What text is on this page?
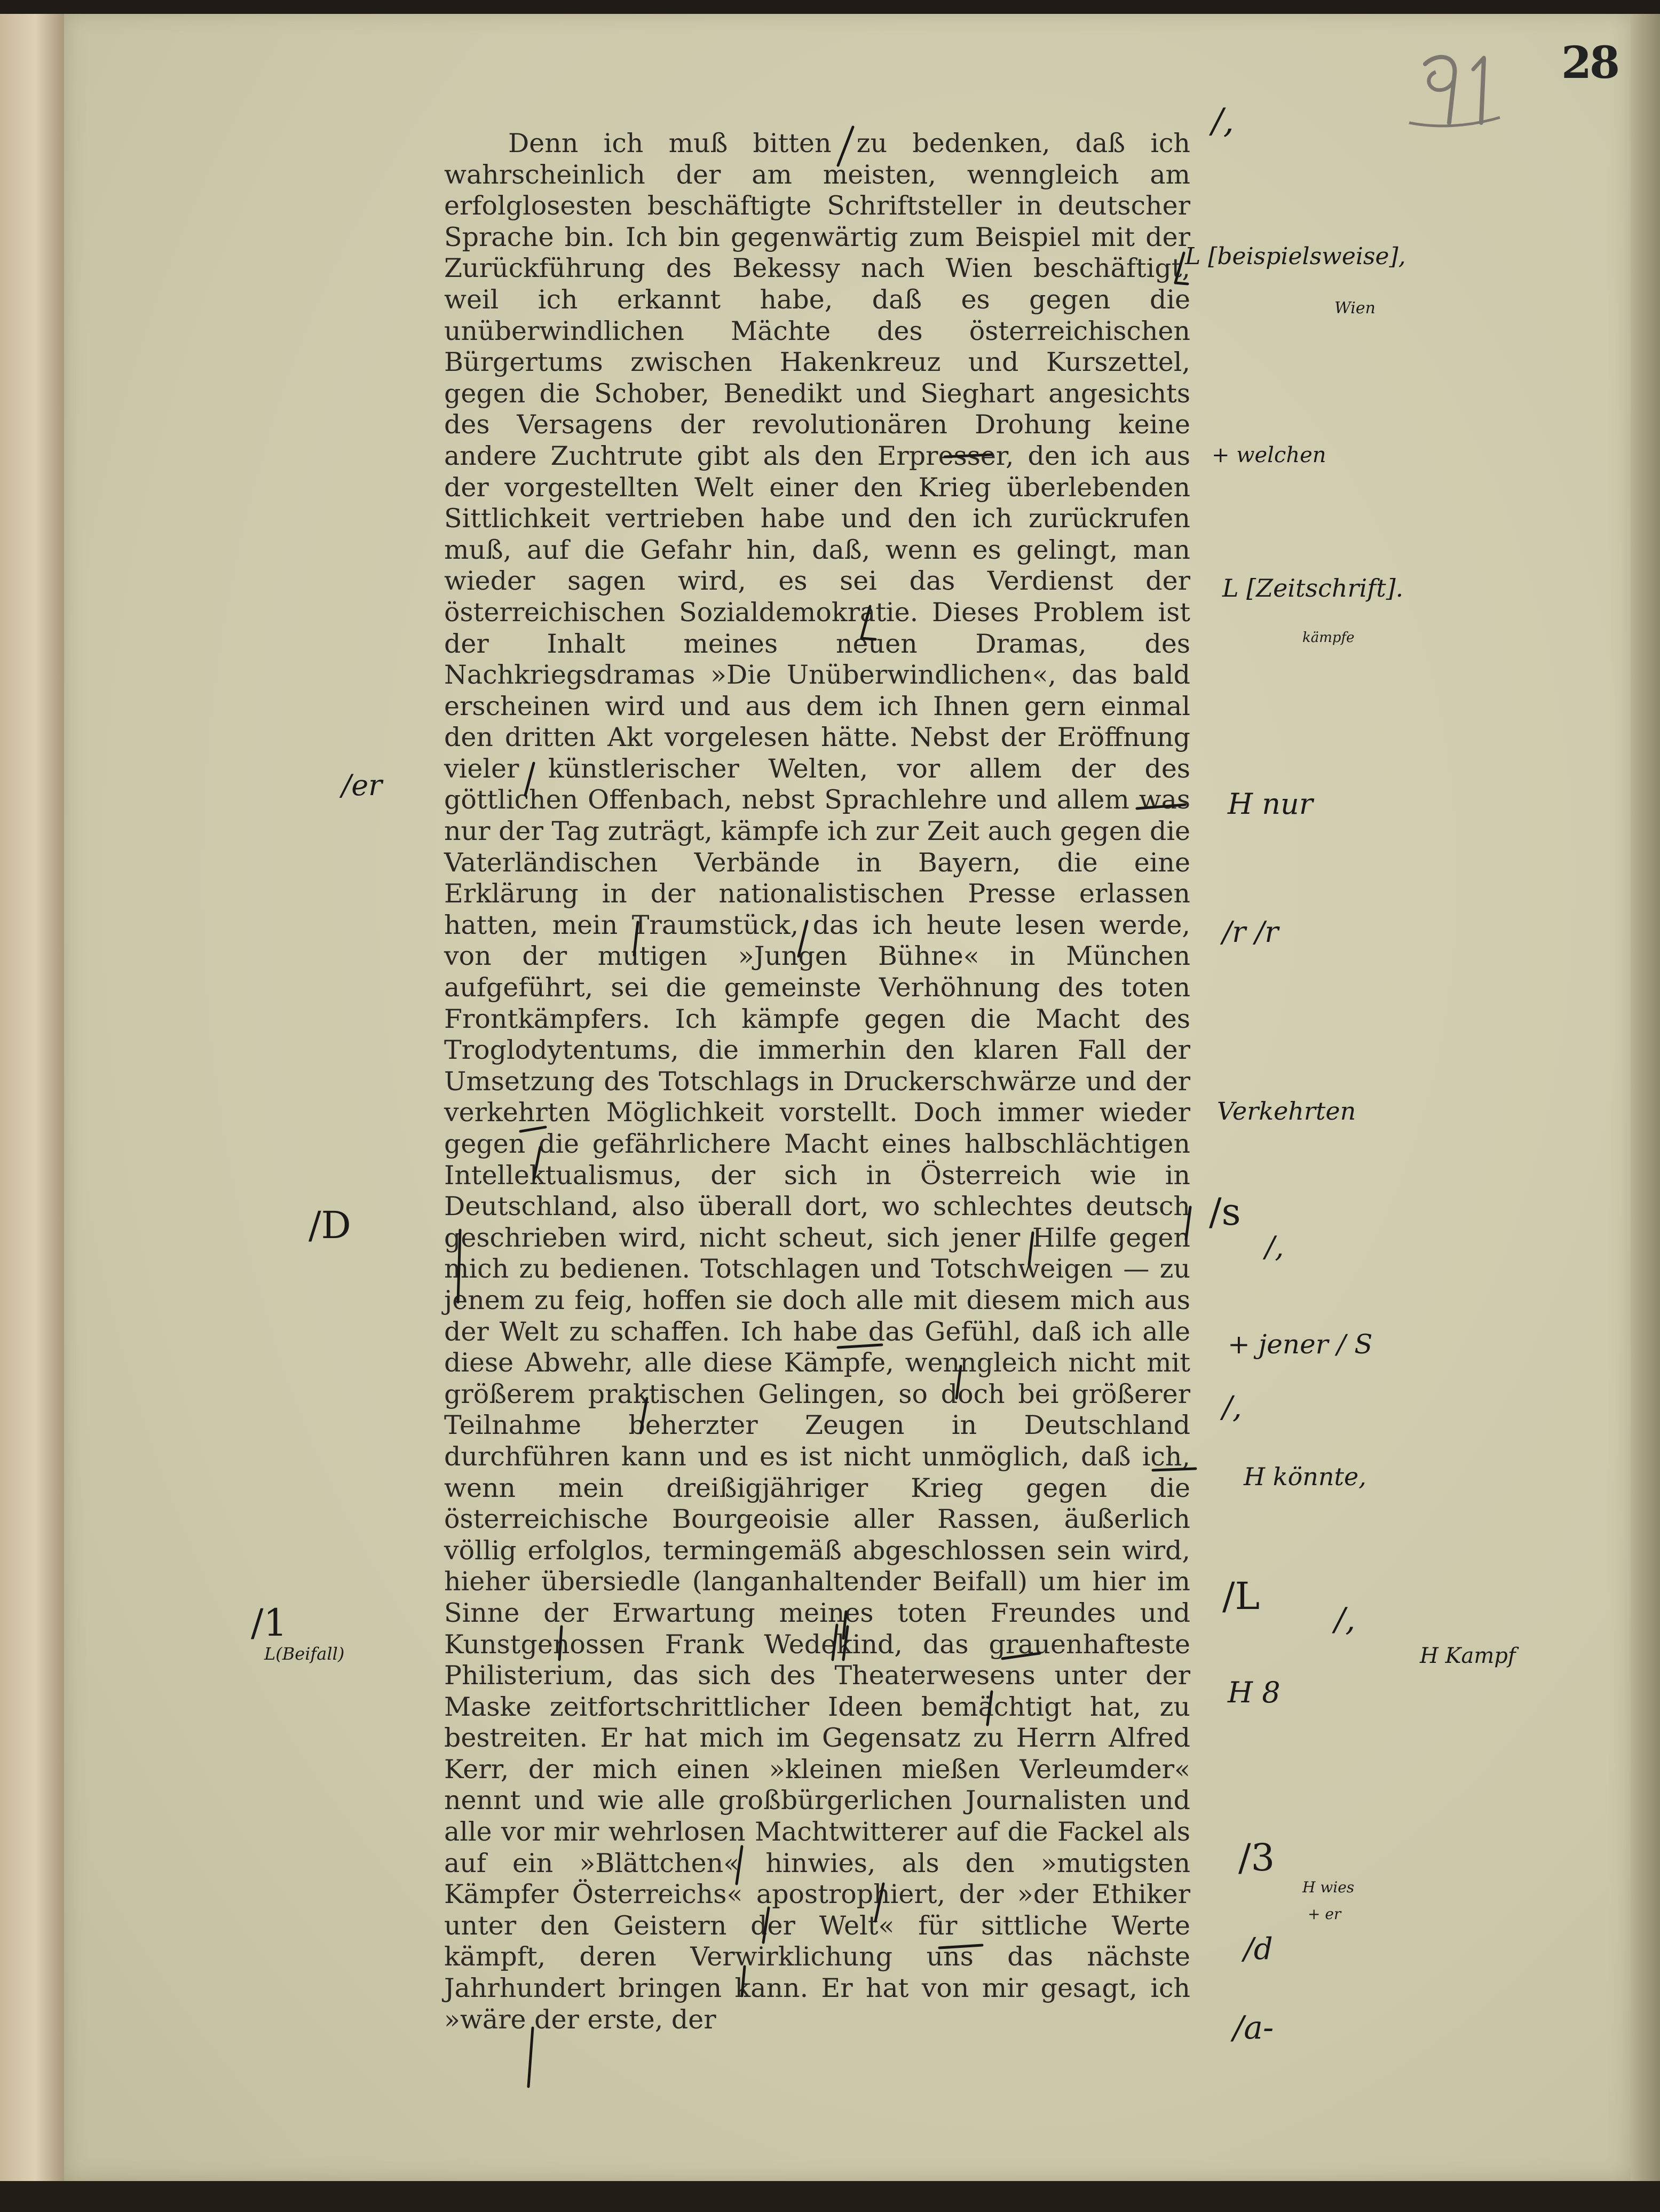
28

Denn ich muß bitten zu bedenken, daß ich wahrscheinlich der am meisten, wenngleich am erfolglosesten beschäftigte Schriftsteller in deutscher Sprache bin. Ich bin gegenwärtig zum Beispiel mit der Zurückführung des Bekessy nach Wien beschäftigt, weil ich erkannt habe, daß es gegen die unüberwindlichen Mächte des österreichischen Bürgertums zwischen Hakenkreuz und Kurszettel, gegen die Schober, Benedikt und Sieghart angesichts des Versagens der revolutionären Drohung keine andere Zuchtrute gibt als den Erpresser, den ich aus der vorgestellten Welt einer den Krieg überlebenden Sittlichkeit vertrieben habe und den ich zurückrufen muß, auf die Gefahr hin, daß, wenn es gelingt, man wieder sagen wird, es sei das Verdienst der österreichischen Sozialdemokratie. Dieses Problem ist der Inhalt meines neuen Dramas, des Nachkriegsdramas »Die Unüberwindlichen«, das bald erscheinen wird und aus dem ich Ihnen gern einmal den dritten Akt vorgelesen hätte. Nebst der Eröffnung vieler künstlerischer Welten, vor allem der des göttlichen Offenbach, nebst Sprachlehre und allem was nur der Tag zuträgt, kämpfe ich zur Zeit auch gegen die Vaterländischen Verbände in Bayern, die eine Erklärung in der nationalistischen Presse erlassen hatten, mein Traumstück, das ich heute lesen werde, von der mutigen »Jungen Bühne« in München aufgeführt, sei die gemeinste Verhöhnung des toten Frontkämpfers. Ich kämpfe gegen die Macht des Troglodytentums, die immerhin den klaren Fall der Umsetzung des Totschlags in Druckerschwärze und der verkehrten Möglichkeit vorstellt. Doch immer wieder gegen die gefährlichere Macht eines halbschlächtigen Intellektualismus, der sich in Österreich wie in Deutschland, also überall dort, wo schlechtes deutsch geschrieben wird, nicht scheut, sich jener Hilfe gegen mich zu bedienen. Totschlagen und Totschweigen — zu jenem zu feig, hoffen sie doch alle mit diesem mich aus der Welt zu schaffen. Ich habe das Gefühl, daß ich alle diese Abwehr, alle diese Kämpfe, wenngleich nicht mit größerem praktischen Gelingen, so doch bei größerer Teilnahme beherzter Zeugen in Deutschland durchführen kann und es ist nicht unmöglich, daß ich, wenn mein dreißigjähriger Krieg gegen die österreichische Bourgeoisie aller Rassen, äußerlich völlig erfolglos, termingemäß abgeschlossen sein wird, hieher übersiedle (langanhaltender Beifall) um hier im Sinne der Erwartung meines toten Freundes und Kunstgenossen Frank Wedekind, das grauenhafteste Philisterium, das sich des Theaterwesens unter der Maske zeitfortschrittlicher Ideen bemächtigt hat, zu bestreiten. Er hat mich im Gegensatz zu Herrn Alfred Kerr, der mich einen »kleinen mießen Verleumder« nennt und wie alle großbürgerlichen Journalisten und alle vor mir wehrlosen Machtwitterer auf die Fackel als auf ein »Blättchen« hinwies, als den »mutigsten Kämpfer Österreichs« apostrophiert, der »der Ethiker unter den Geistern der Welt« für sittliche Werte kämpft, deren Verwirklichung uns das nächste Jahrhundert bringen kann. Er hat von mir gesagt, ich »wäre der erste, der

/,
L [beispielsweise],
Wien
+ welchen
L [Zeitschrift].
kämpfe
H nur
/r /r
Verkehrten
/s
/,
+ jener / S
/,
H könnte,
/L
/,
H Kampf
H 8
/3
H wies
+ er
/d
/a-
/er
/D
/1
L(Beifall)
